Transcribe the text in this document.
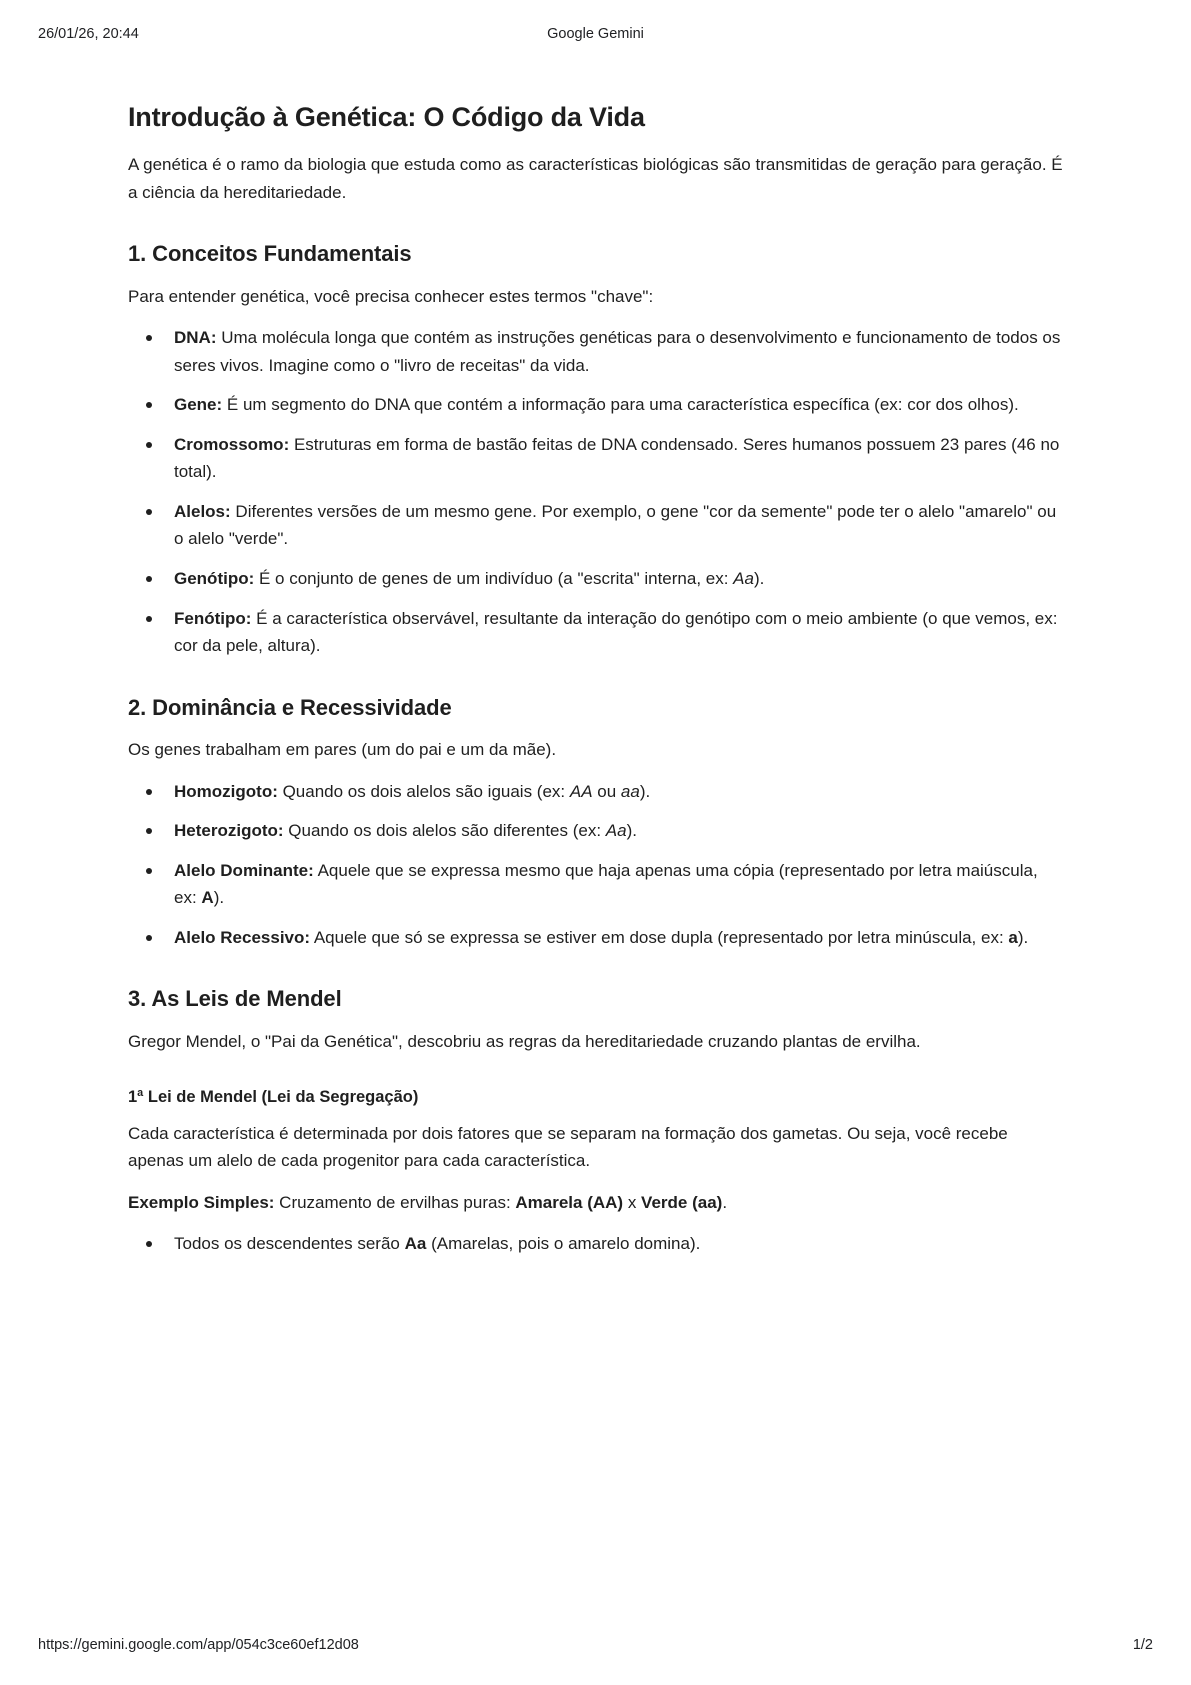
26/01/26, 20:44	Google Gemini
Introdução à Genética: O Código da Vida

A genética é o ramo da biologia que estuda como as características biológicas são transmitidas de geração para geração. É a ciência da hereditariedade.

1. Conceitos Fundamentais

Para entender genética, você precisa conhecer estes termos "chave":

DNA: Uma molécula longa que contém as instruções genéticas para o desenvolvimento e funcionamento de todos os seres vivos. Imagine como o "livro de receitas" da vida.
Gene: É um segmento do DNA que contém a informação para uma característica específica (ex: cor dos olhos).
Cromossomo: Estruturas em forma de bastão feitas de DNA condensado. Seres humanos possuem 23 pares (46 no total).
Alelos: Diferentes versões de um mesmo gene. Por exemplo, o gene "cor da semente" pode ter o alelo "amarelo" ou o alelo "verde".
Genótipo: É o conjunto de genes de um indivíduo (a "escrita" interna, ex: Aa).
Fenótipo: É a característica observável, resultante da interação do genótipo com o meio ambiente (o que vemos, ex: cor da pele, altura).
2. Dominância e Recessividade

Os genes trabalham em pares (um do pai e um da mãe).

Homozigoto: Quando os dois alelos são iguais (ex: AA ou aa).
Heterozigoto: Quando os dois alelos são diferentes (ex: Aa).
Alelo Dominante: Aquele que se expressa mesmo que haja apenas uma cópia (representado por letra maiúscula, ex: A).
Alelo Recessivo: Aquele que só se expressa se estiver em dose dupla (representado por letra minúscula, ex: a).
3. As Leis de Mendel

Gregor Mendel, o "Pai da Genética", descobriu as regras da hereditariedade cruzando plantas de ervilha.

1ª Lei de Mendel (Lei da Segregação)

Cada característica é determinada por dois fatores que se separam na formação dos gametas. Ou seja, você recebe apenas um alelo de cada progenitor para cada característica.

Exemplo Simples: Cruzamento de ervilhas puras: Amarela (AA) x Verde (aa).

Todos os descendentes serão Aa (Amarelas, pois o amarelo domina).
https://gemini.google.com/app/054c3ce60ef12d08	1/2
